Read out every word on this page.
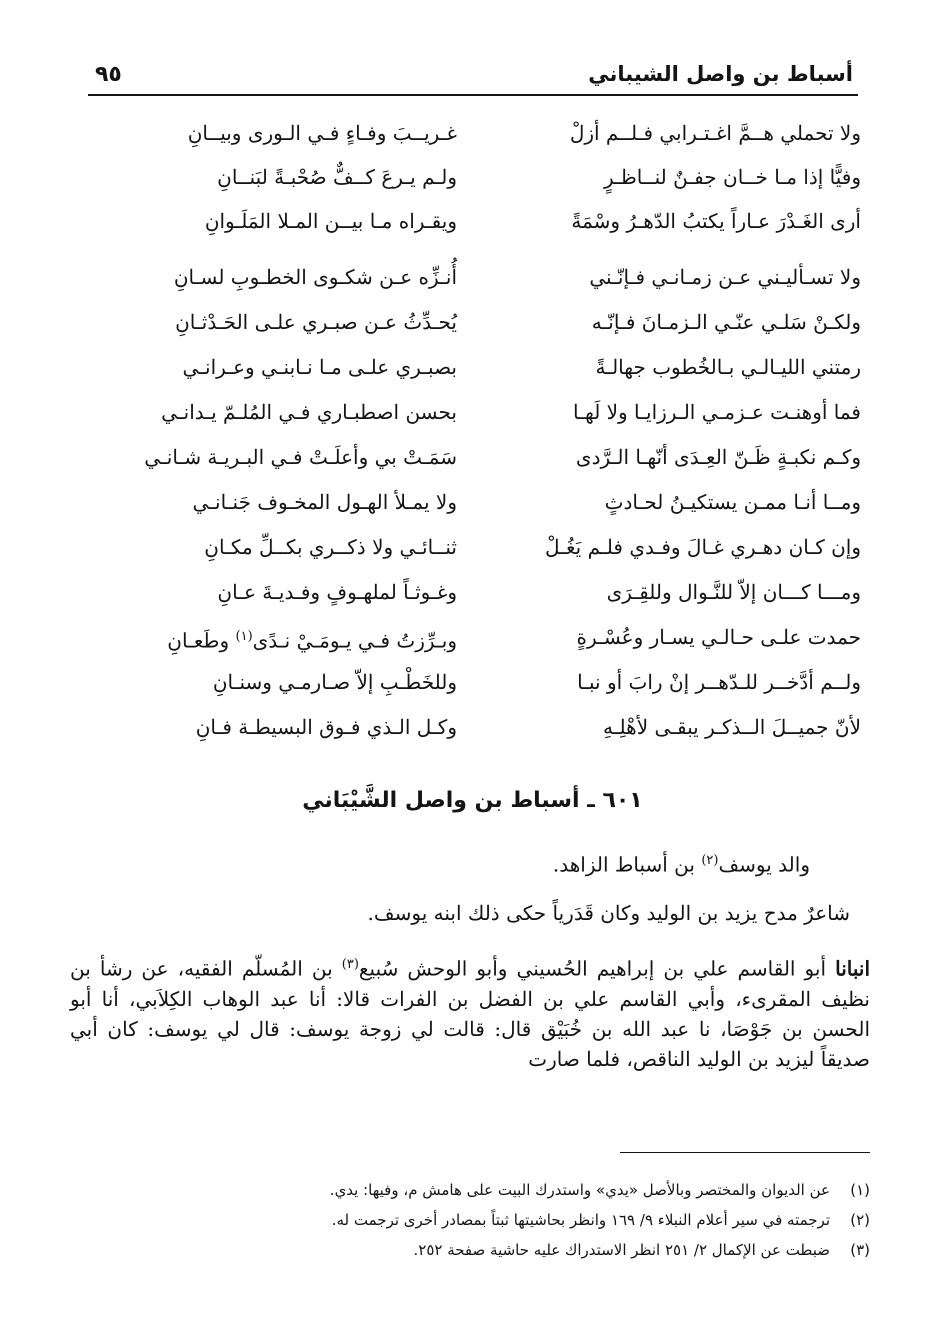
أسباط بن واصل الشيباني
٩٥
ولا تحملي هــمَّ اغـتـرابي فـلــم أزلْ
غـريــبَ وفـاءٍ فـي الـورى وبيــانِ
وفيًّا إذا مـا خــان جفـنٌ لنــاظـرٍ
ولـم يـرعَ كــفٌّ صُحْبـةً لبَنــانِ
أرى الغَـدْرَ عـاراً يكتبُ الدّهـرُ وسْمَةً
ويقـراه مـا بيــن المـلا المَلَـوانِ
ولا تسـأليـني عـن زمـانـي فـإنّـني
أُنـزِّه عـن شكـوى الخطـوبِ لسـانِ
ولكـنْ سَلـي عنّـي الـزمـانَ فـإنّـه
يُحـدِّثُ عـن صبـري علـى الحَـدْثـانِ
رمتني الليـالـي بـالخُطوب جهالـةً
بصبـري علـى مـا نـابنـي وعـرانـي
فما أوهنـت عـزمـي الـرزايـا ولا لَهـا
بحسن اصطبـاري فـي المُلـمّ يـدانـي
وكـم نكبـةٍ ظَـنّ العِـدَى أنّهـا الـرَّدى
سَمَـتْ بي وأعلَـتْ فـي البـريـة شـانـي
ومــا أنـا ممـن يستكيـنُ لحـادثٍ
ولا يمـلأ الهـول المخـوف جَنـانـي
وإن كـان دهـري غـالَ وفـدي فلـم يَغُـلْ
ثنــائـي ولا ذكــري بكــلِّ مكـانِ
ومـــا كـــان إلاّ للنَّـوال وللقِـرَى
وغـوثـاً لملهـوفٍ وفـديـةَ عـانِ
حمدت علـى حـالـي يسـار وعُسْـرةٍ
وبـرِّزتُ فـي يـومَـيْ نـدًى$^{(١)}$ وطَعـانِ
ولــم أدَّخــر للـدّهــر إنْ رابَ أو نبـا
وللخَطْـبِ إلاّ صـارمـي وسنـانِ
لأنّ جميــلَ الــذكـر يبقـى لأهْلِـهِ
وكـل الـذي فـوق البسيطـة فـانِ
٦٠١ ـ أسباط بن واصل الشَّيْبَاني

والد يوسف$^{(٢)}$ بن أسباط الزاهد.

شاعرٌ مدح يزيد بن الوليد وكان قَدَرياً حكى ذلك ابنه يوسف.

انبانا أبو القاسم علي بن إبراهيم الحُسيني وأبو الوحش سُبيع$^{(٣)}$ بن المُسلّم الفقيه، عن رشأ بن نظيف المقرىء، وأبي القاسم علي بن الفضل بن الفرات قالا: أنا عبد الوهاب الكِلاَبي، أنا أبو الحسن بن جَوْصَا، نا عبد الله بن خُبَيْق قال: قالت لي زوجة يوسف: قال لي يوسف: كان أبي صديقاً ليزيد بن الوليد الناقص، فلما صارت

(١)عن الديوان والمختصر وبالأصل «يدي» واستدرك البيت على هامش م، وفيها: يدي.
(٢)ترجمته في سير أعلام النبلاء ٩/ ١٦٩ وانظر بحاشيتها ثبتاً بمصادر أخرى ترجمت له.
(٣)ضبطت عن الإكمال ٢/ ٢٥١ انظر الاستدراك عليه حاشية صفحة ٢٥٢.
